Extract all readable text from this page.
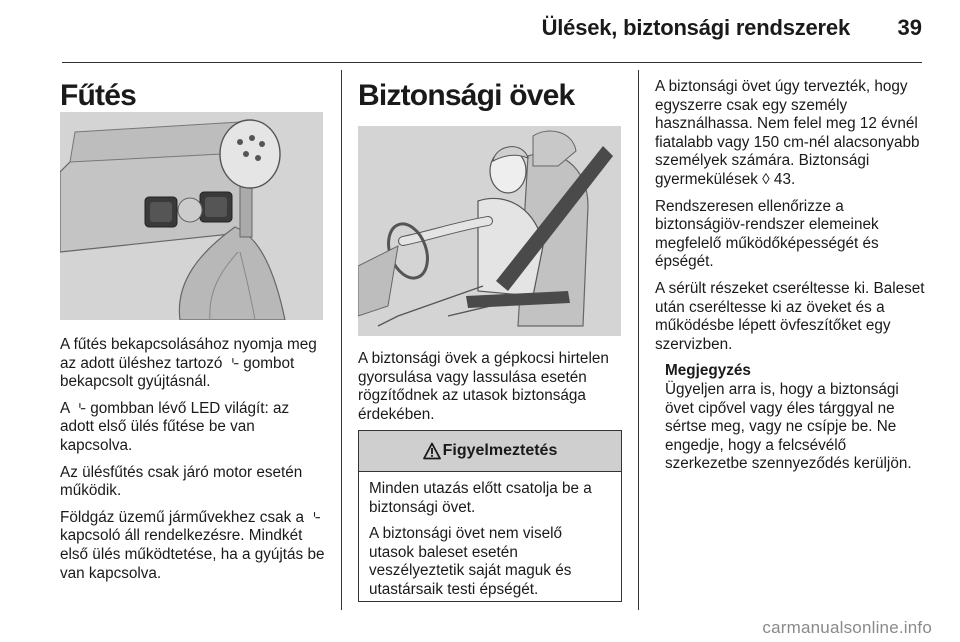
Ülések, biztonsági rendszerek 39
Fűtés

A fűtés bekapcsolásához nyomja meg az adott üléshez tartozó ⌎ gombot bekapcsolt gyújtásnál.

A ⌎ gombban lévő LED világít: az adott első ülés fűtése be van kapcsolva.

Az ülésfűtés csak járó motor esetén működik.

Földgáz üzemű járművekhez csak a ⌎ kapcsoló áll rendelkezésre. Mindkét első ülés működtetése, ha a gyújtás be van kapcsolva.

Biztonsági övek

A biztonsági övek a gépkocsi hirtelen gyorsulása vagy lassulása esetén rögzítődnek az utasok biztonsága érdekében.

Figyelmeztetés

Minden utazás előtt csatolja be a biztonsági övet.

A biztonsági övet nem viselő utasok baleset esetén veszélyeztetik saját maguk és utastársaik testi épségét.

A biztonsági övet úgy tervezték, hogy egyszerre csak egy személy használhassa. Nem felel meg 12 évnél fiatalabb vagy 150 cm-nél alacsonyabb személyek számára. Biztonsági gyermekülések ◊ 43.

Rendszeresen ellenőrizze a biztonságiöv-rendszer elemeinek megfelelő működőképességét és épségét.

A sérült részeket cseréltesse ki. Baleset után cseréltesse ki az öveket és a működésbe lépett övfeszítőket egy szervizben.

Megjegyzés

Ügyeljen arra is, hogy a biztonsági övet cipővel vagy éles tárggyal ne sértse meg, vagy ne csípje be. Ne engedje, hogy a felcsévélő szerkezetbe szennyeződés kerüljön.

carmanualsonline.info
